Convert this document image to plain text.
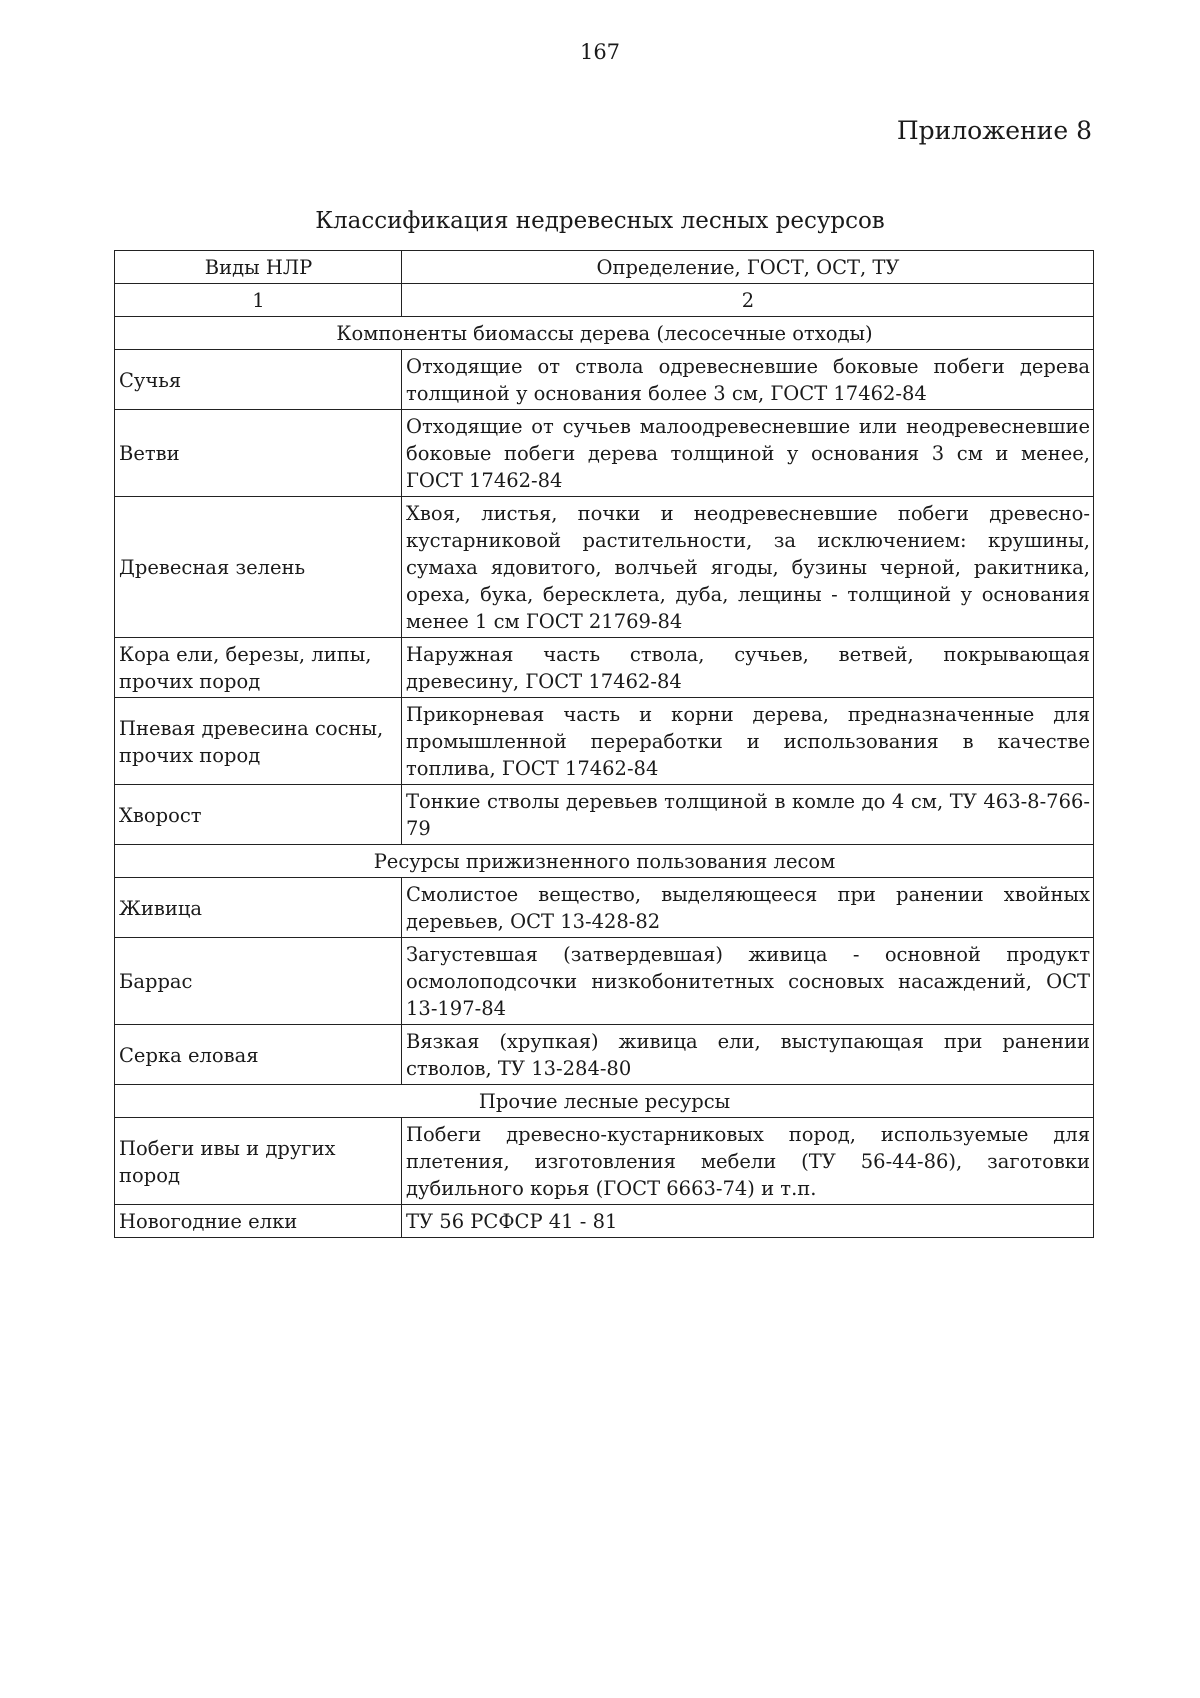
167
Приложение 8
Классификация недревесных лесных ресурсов
Виды НЛР	Определение, ГОСТ, ОСТ, ТУ
1	2
Компоненты биомассы дерева (лесосечные отходы)	
Сучья	Отходящие от ствола одревесневшие боковые побеги дерева толщиной у основания более 3 см, ГОСТ 17462-84
Ветви	Отходящие от сучьев малоодревесневшие или неодревесневшие боковые побеги дерева толщиной у основания 3 см и менее, ГОСТ 17462-84
Древесная зелень	Хвоя, листья, почки и неодревесневшие побеги древесно-кустарниковой растительности, за исключением: крушины, сумаха ядовитого, волчьей ягоды, бузины черной, ракитника, ореха, бука, бересклета, дуба, лещины - толщиной у основания менее 1 см ГОСТ 21769-84
Кора ели, березы, липы, прочих пород	Наружная часть ствола, сучьев, ветвей, покрывающая древесину, ГОСТ 17462-84
Пневая древесина сосны, прочих пород	Прикорневая часть и корни дерева, предназначенные для промышленной переработки и использования в качестве топлива, ГОСТ 17462-84
Хворост	Тонкие стволы деревьев толщиной в комле до 4 см, ТУ 463-8-766-79
Ресурсы прижизненного пользования лесом	
Живица	Смолистое вещество, выделяющееся при ранении хвойных деревьев, ОСТ 13-428-82
Баррас	Загустевшая (затвердевшая) живица - основной продукт осмолоподсочки низкобонитетных сосновых насаждений, ОСТ 13-197-84
Серка еловая	Вязкая (хрупкая) живица ели, выступающая при ранении стволов, ТУ 13-284-80
Прочие лесные ресурсы	
Побеги ивы и других пород	Побеги древесно-кустарниковых пород, используемые для плетения, изготовления мебели (ТУ 56-44-86), заготовки дубильного корья (ГОСТ 6663-74) и т.п.
Новогодние елки	ТУ 56 РСФСР 41 - 81
